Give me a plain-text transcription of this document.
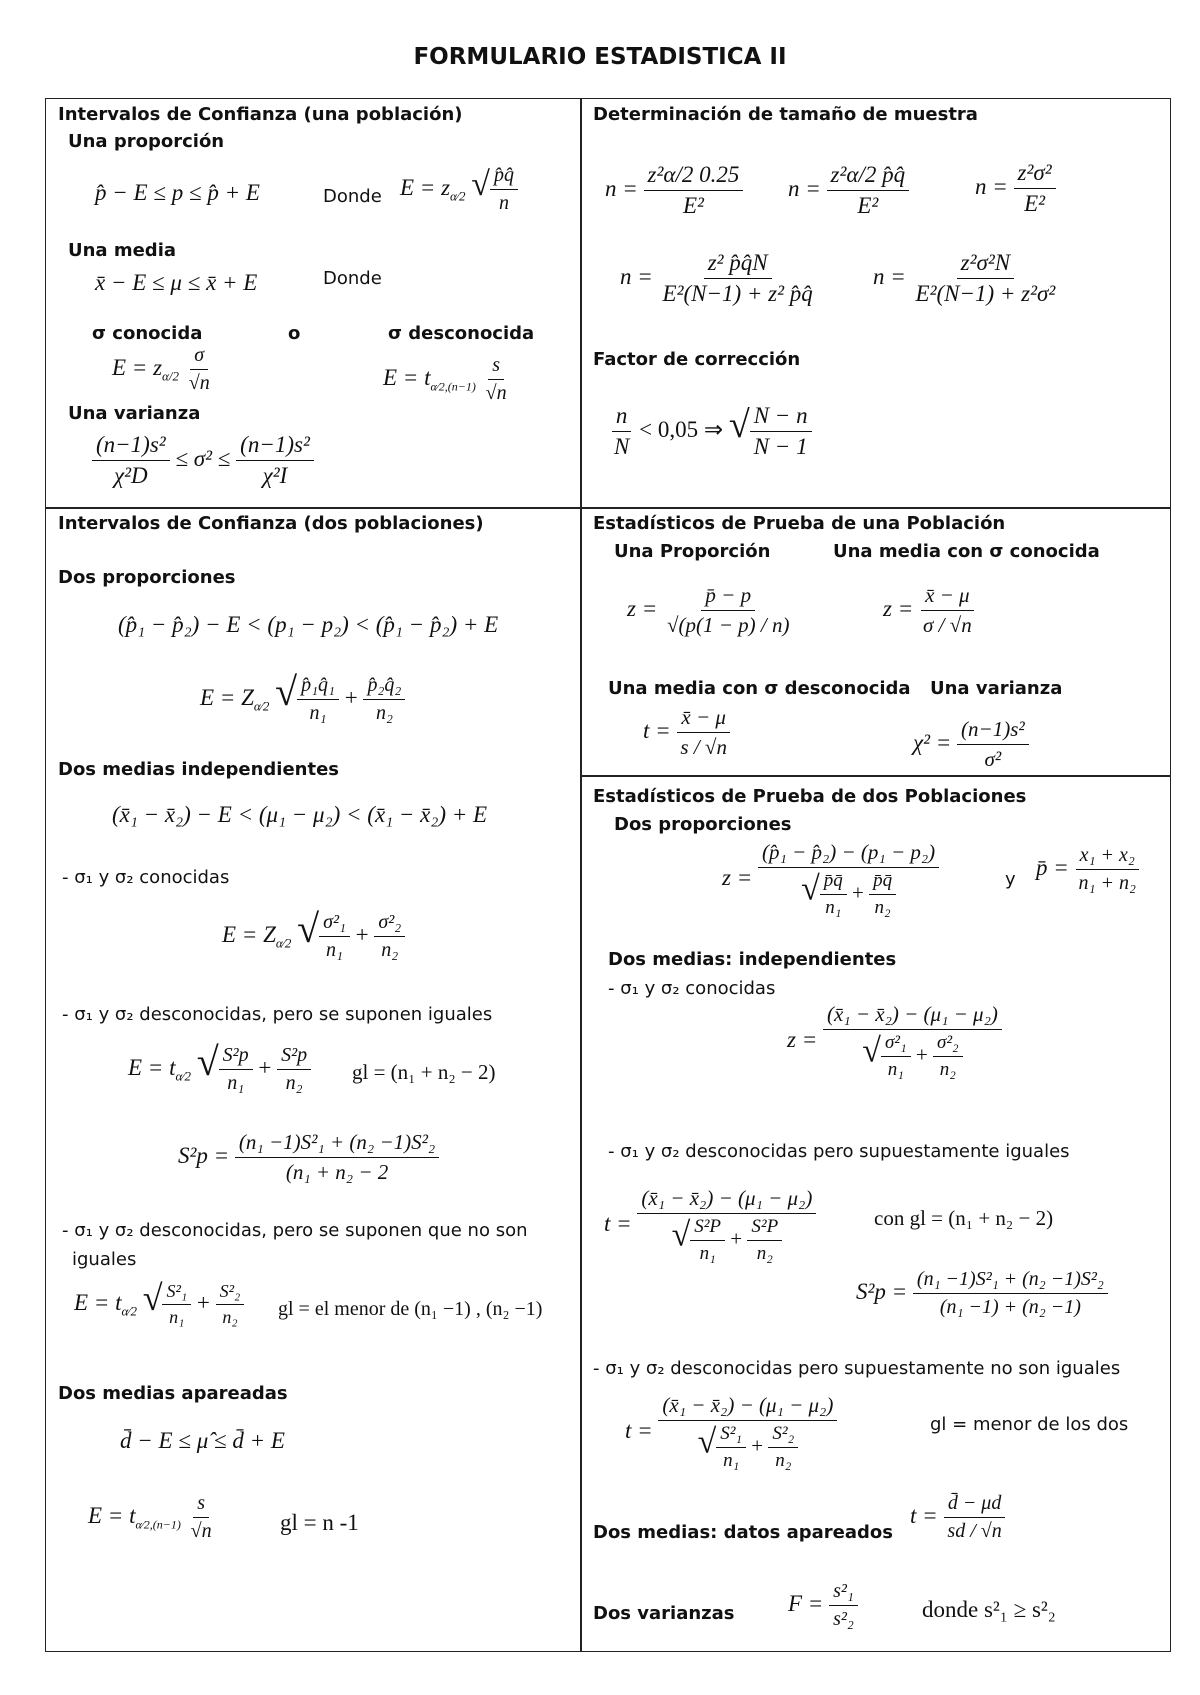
FORMULARIO ESTADISTICA II
Intervalos de Confianza (una población)
Una proporción
p̂ − E ≤ p ≤ p̂ + E	Donde $E = z_{\alpha⁄2}$ √ $\frac{p̂q̂}{n}$
Una media
x̄ − E ≤ μ ≤ x̄ + E	Donde
σ conocida	o	σ desconocida
$E = z_{\alpha/2} \frac{\sigma}{√n}$	$E = t_{\alpha⁄2,(n-1)} \frac{s}{√n}$
Una varianza
$\frac{\text{(n−1)s²}}{\text{χ²D}} \le \sigma^2 \le \frac{\text{(n−1)s²}}{\text{χ²I}}$
Determinación de tamaño de muestra
$n = \frac{\text{z²α/2 0.25}}{\text{E²}}$ $n = \frac{\text{z²α/2 p̂q̂}}{\text{E²}}$	$n = \frac{\text{z²σ²}}{\text{E²}}$
$n = \frac{\text{z² p̂q̂N}}{\text{E²(N−1) + z² p̂q̂}}$ $n = \frac{\text{z²σ²N}}{\text{E²(N−1) + z²σ²}}$
Factor de corrección
$\frac{n}{N} < 0,05$ ⇒ √ $\frac{N - n}{N - 1}$
Intervalos de Confianza (dos poblaciones)
Dos proporciones
(p̂₁ − p̂₂) − E < (p₁ − p₂) < (p̂₁ − p̂₂) + E
$E = Z_{\alpha⁄2}$ √ $\frac{\text{p̂₁q̂₁}}{\text{n₁}} + \frac{\text{p̂₂q̂₂}}{\text{n₂}}$
Dos medias independientes
(x̄₁ − x̄₂) − E < (μ₁ − μ₂) < (x̄₁ − x̄₂) + E
- σ₁ y σ₂ conocidas
$E = Z_{\alpha⁄2}$ √ $\frac{\text{σ²₁}}{\text{n₁}} + \frac{\text{σ²₂}}{\text{n₂}}$
- σ₁ y σ₂ desconocidas, pero se suponen iguales
$E = t_{\alpha⁄2}$ √ $\frac{\text{S²p}}{\text{n₁}} + \frac{\text{S²p}}{\text{n₂}}$ gl = (n₁ + n₂ − 2)
$S^2p = \frac{\text{(n₁ −1)S²₁ + (n₂ −1)S²₂}}{\text{(n₁ + n₂ − 2}}$
- σ₁ y σ₂ desconocidas, pero se suponen que no son
iguales
$E = t_{\alpha⁄2}$ √ $\frac{\text{S²₁}}{\text{n₁}} + \frac{\text{S²₂}}{\text{n₂}}$ gl = el menor de (n₁ −1) , (n₂ −1)
Dos medias apareadas
d̄ − E ≤ μ̂ ≤ d̄ + E
$E = t_{\alpha⁄2,(n-1)} \frac{s}{√n}$	gl = n -1
Estadísticos de Prueba de una Población
Una Proporción	Una media con σ conocida
$z = \frac{p̄ - p}{√(p(1 - p) / n)}$	$z = \frac{x̄ - \mu}{\sigma / √n}$
Una media con σ desconocida Una varianza
$t = \frac{x̄ - \mu}{s / √n}$	$\chi^2 = \frac{\text{(n−1)s²}}{\text{σ²}}$
Estadísticos de Prueba de dos Poblaciones
Dos proporciones
$z = \frac{\text{(p̂₁ − p̂₂) − (p₁ − p₂)}}{√ \frac{p̄q̄}{\text{n₁}} + \frac{p̄q̄}{\text{n₂}}}$	y p̄ = $\frac{\text{x₁ + x₂}}{\text{n₁ + n₂}}$
Dos medias: independientes
- σ₁ y σ₂ conocidas
$z = \frac{\text{(x̄₁ − x̄₂) − (μ₁ − μ₂)}}{√ \frac{\text{σ²₁}}{\text{n₁}} + \frac{\text{σ²₂}}{\text{n₂}}}$
- σ₁ y σ₂ desconocidas pero supuestamente iguales
$t = \frac{\text{(x̄₁ − x̄₂) − (μ₁ − μ₂)}}{√ \frac{\text{S²P}}{\text{n₁}} + \frac{\text{S²P}}{\text{n₂}}}$	con gl = (n₁ + n₂ − 2)
$S^2p = \frac{\text{(n₁ −1)S²₁ + (n₂ −1)S²₂}}{\text{(n₁ −1) + (n₂ −1)}}$
- σ₁ y σ₂ desconocidas pero supuestamente no son iguales
$t = \frac{\text{(x̄₁ − x̄₂) − (μ₁ − μ₂)}}{√ \frac{\text{S²₁}}{\text{n₁}} + \frac{\text{S²₂}}{\text{n₂}}}$	gl = menor de los dos
Dos medias: datos apareados
$t = \frac{d̄ - \mu d}{sd / √n}$
Dos varianzas $F = \frac{\text{s²₁}}{\text{s²₂}}$	donde s²₁ ≥ s²₂
